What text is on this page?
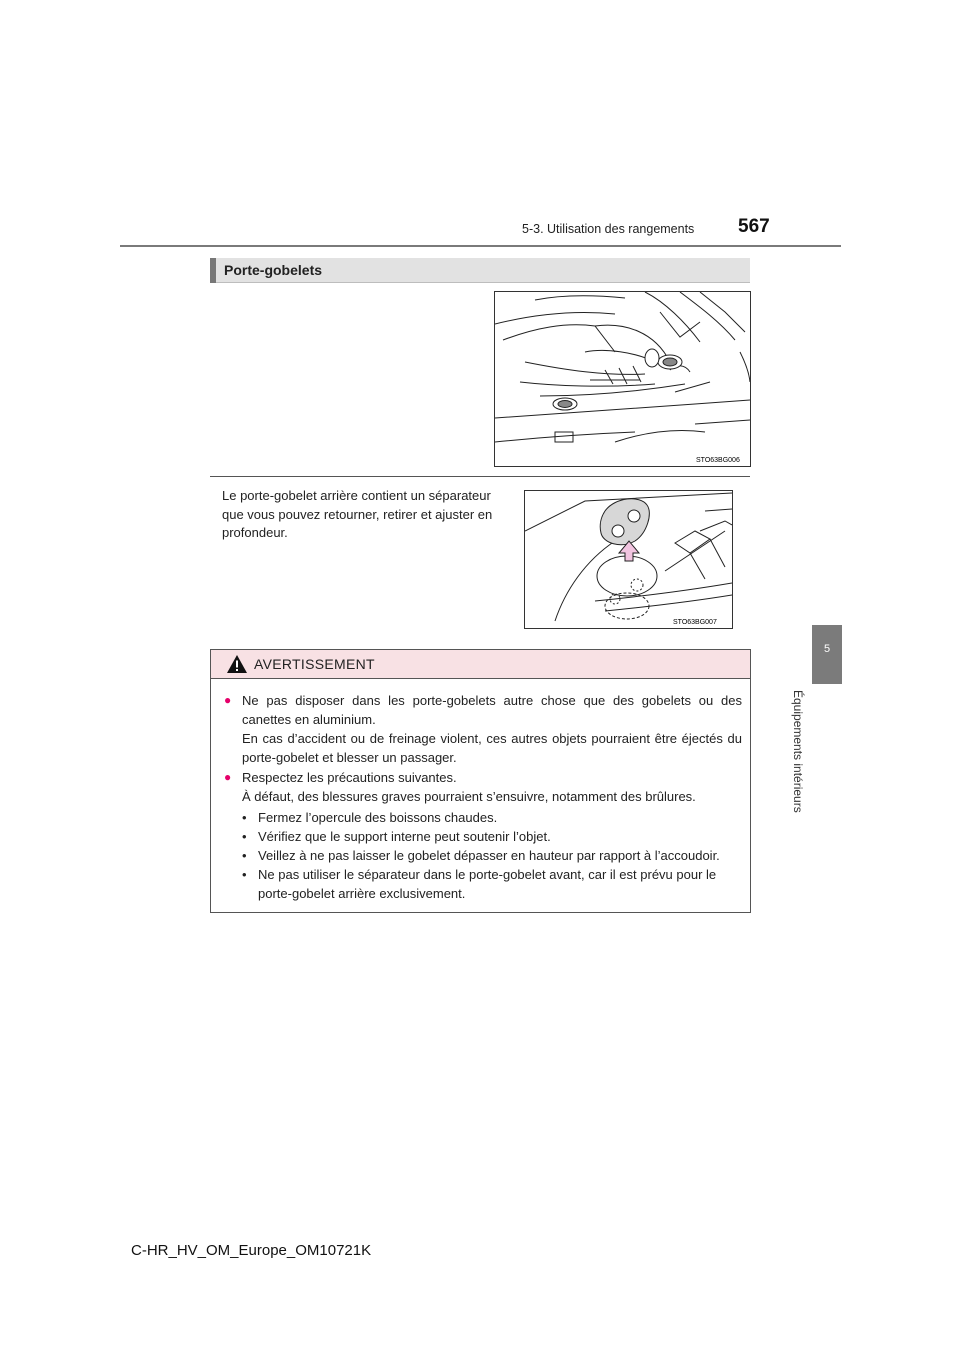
5-3. Utilisation des rangements 567
5
Équipements intérieurs
Porte-gobelets
STO63BG006
Le porte-gobelet arrière contient un séparateur que vous pouvez retourner, retirer et ajuster en profondeur.
STO63BG007
AVERTISSEMENT
● Ne pas disposer dans les porte-gobelets autre chose que des gobelets ou des canettes en aluminium.

En cas d’accident ou de freinage violent, ces autres objets pourraient être éjectés du porte-gobelet et blesser un passager.

● Respectez les précautions suivantes.

À défaut, des blessures graves pourraient s’ensuivre, notamment des brûlures.

• Fermez l’opercule des boissons chaudes.

• Vérifiez que le support interne peut soutenir l’objet.

• Veillez à ne pas laisser le gobelet dépasser en hauteur par rapport à l’accoudoir.

• Ne pas utiliser le séparateur dans le porte-gobelet avant, car il est prévu pour le porte-gobelet arrière exclusivement.

C-HR_HV_OM_Europe_OM10721K
